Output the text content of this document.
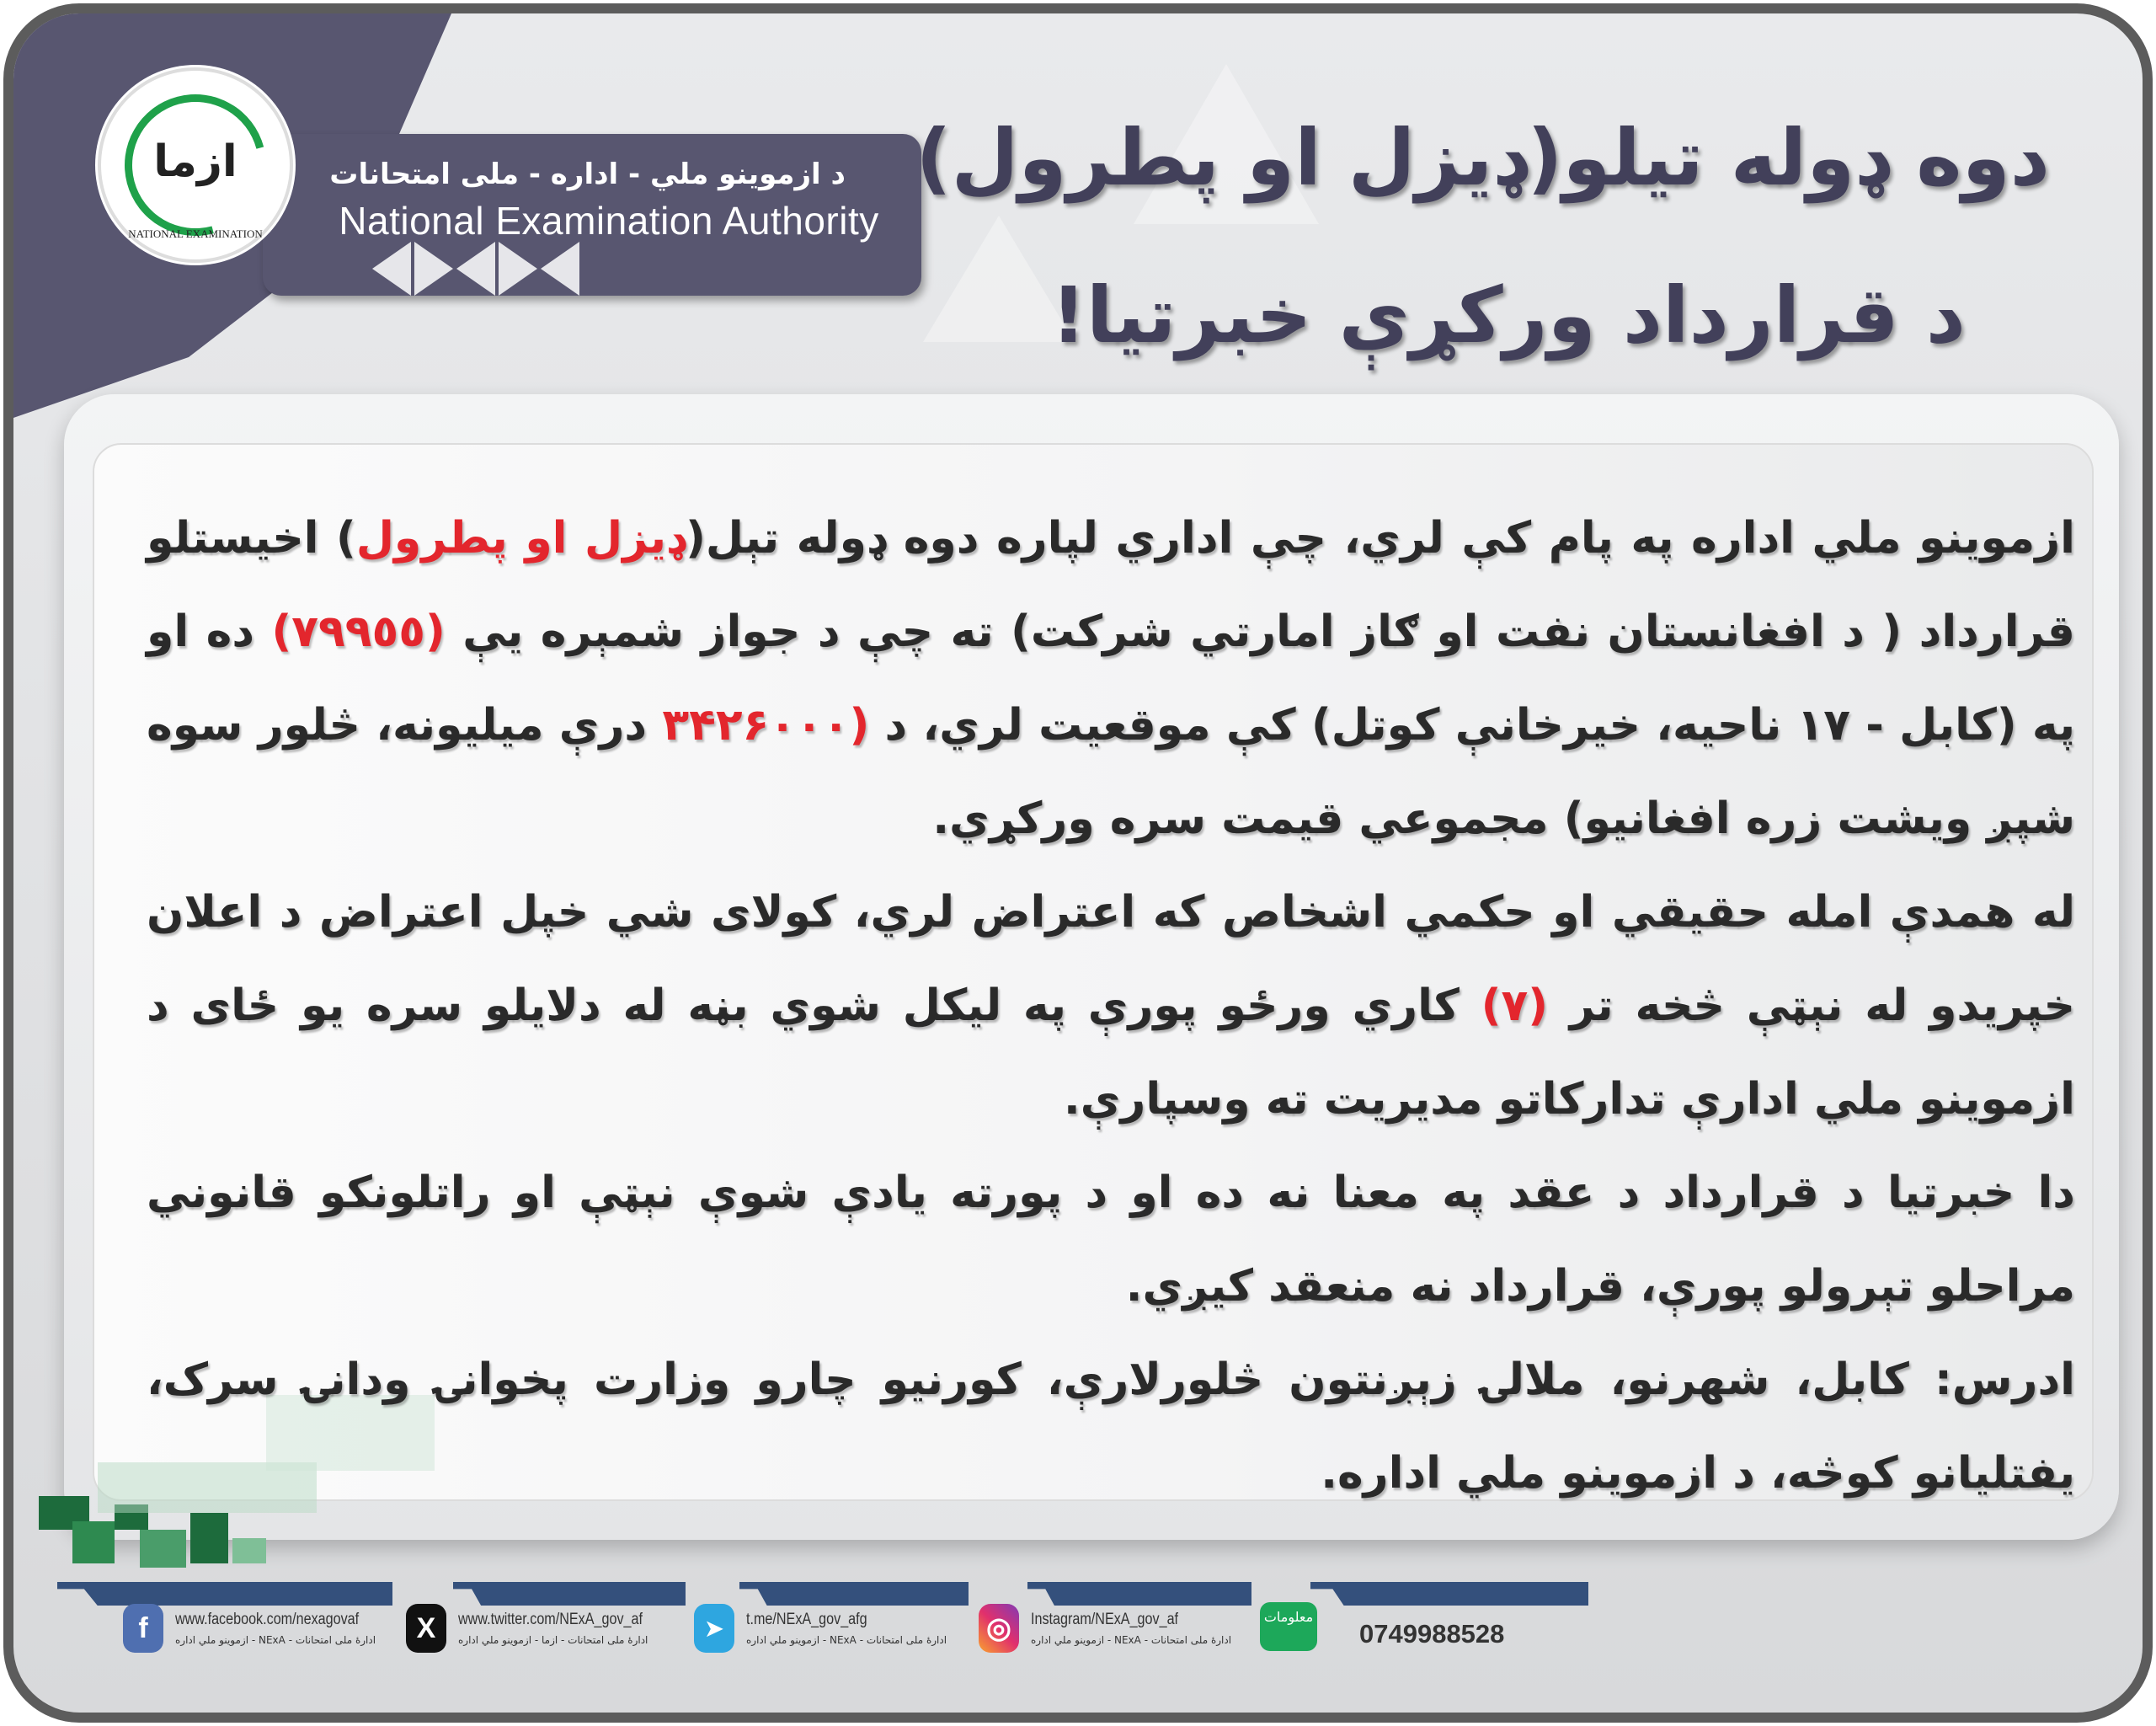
د ازموينو ملي - اداره - ملی امتحانات
National Examination Authority
ازما
NATIONAL EXAMINATION
دوه ډوله تيلو(ډيزل او پطرول)
د قرارداد ورکړې خبرتيا!

ازموينو ملي اداره په پام کې لري، چې اداري لپاره دوه ډوله تېل(ډيزل او پطرول) اخيستلو قرارداد ( د افغانستان نفت او ګاز امارتي شرکت) ته چې د جواز شمېره يې (٧٩٩٥٥) ده او په (کابل - ١٧ ناحيه، خيرخانې کوتل) کې موقعيت لري، د (٣۴٢۶٠٠٠ درې ميليونه، څلور سوه شپږ ويشت زره افغانيو) مجموعي قيمت سره ورکړي.

له همدې امله حقيقي او حکمي اشخاص که اعتراض لري، کولای شي خپل اعتراض د اعلان خپريدو له نېټې څخه تر (٧) کاري ورځو پورې په ليکل شوي بڼه له دلايلو سره يو ځای د ازموينو ملي ادارې تدارکاتو مديريت ته وسپارې.

دا خبرتيا د قرارداد د عقد په معنا نه ده او د پورته يادې شوې نېټې او راتلونکو قانوني مراحلو تېرولو پورې، قرارداد نه منعقد کيږي.

ادرس: کابل، شهرنو، ملالۍ زېږنتون څلورلارې، کورنيو چارو وزارت پخوانۍ ودانۍ سرک، يفتليانو کوڅه، د ازموينو ملي اداره.

f	www.facebook.com/nexagovaf
ادارهٔ ملی امتحانات - NExA - ازموينو ملي اداره	X	www.twitter.com/NExA_gov_af
ادارهٔ ملی امتحانات - ازما - ازموينو ملي اداره	➤	t.me/NExA_gov_afg
ادارهٔ ملی امتحانات - NExA - ازموينو ملي اداره ◎	Instagram/NExA_gov_af
ادارهٔ ملی امتحانات - NExA - ازموينو ملي اداره
معلومات
0749988528
